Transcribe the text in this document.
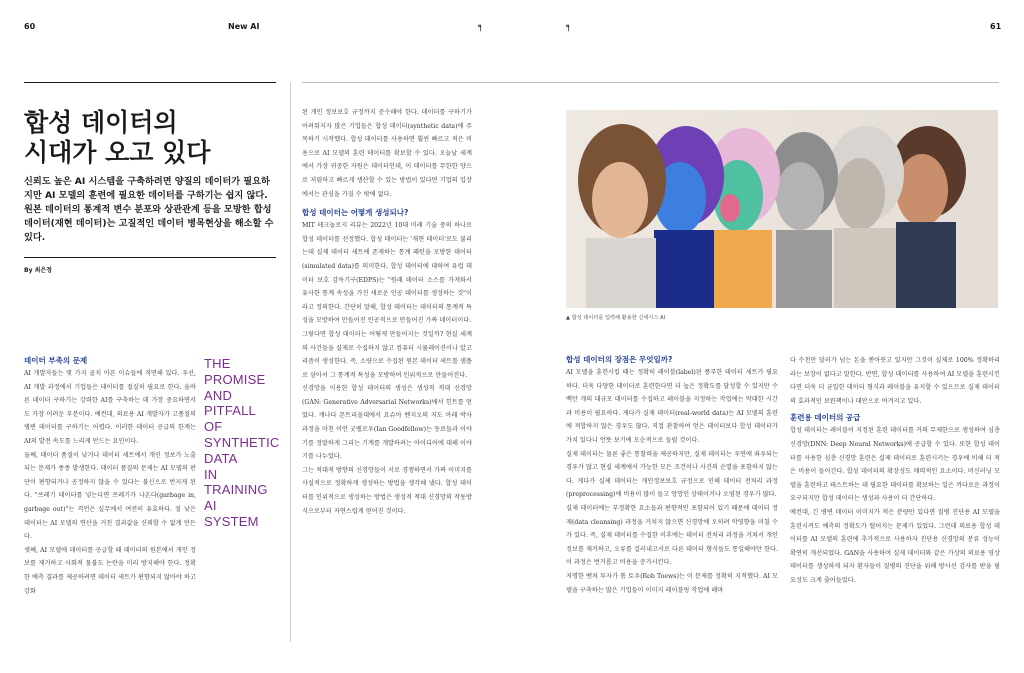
60	New AI	╕	╕	61
합성 데이터의
시대가 오고 있다
신뢰도 높은 AI 시스템을 구축하려면 양질의 데이터가 필요하지만 AI 모델의 훈련에 필요한 데이터를 구하기는 쉽지 않다. 원본 데이터의 통계적 변수 분포와 상관관계 등을 모방한 합성 데이터(재현 데이터)는 고질적인 데이터 병목현상을 해소할 수 있다.
By 최은정
데이터 부족의 문제
AI 개발자들는 몇 가지 골치 아픈 이슈들에 직면해 있다. 우선, AI 개발 과정에서 기업들은 데이터를 절실히 필요로 한다. 올바른 데이터 구하기는 강력한 AI를 구축하는 데 가장 중요하면서도 가장 어려운 부분이다. 예컨대, 의료용 AI 개발자가 고품질의 병변 데이터를 구하기는 어렵다. 이러한 데이터 공급의 한계는 AI의 발전 속도를 느리게 만드는 요인이다.
둘째, 데이터 품질이 낮거나 데이터 세트에서 개인 정보가 노출되는 문제가 종종 발생한다. 데이터 품질의 문제는 AI 모델의 판단이 편향되거나 공정하지 않을 수 있다는 불신으로 번지게 된다. "쓰레기 데이터를 넣는다면 쓰레기가 나온다(garbage in, garbage out)"는 격언은 실무에서 여전히 유효하다. 질 낮은 데이터는 AI 모델의 연산을 거친 결과값을 신뢰할 수 없게 만든다.
셋째, AI 모델에 데이터를 공급할 때 데이터의 원본에서 개인 정보를 제거하고 사회적 물불도 논란을 미리 방지해야 한다. 정확한 예측 결과를 제공하려면 데이터 세트가 편향되지 않아야 하고 강화
THE
PROMISE
AND
PITFALL
OF
SYNTHETIC
DATA
IN
TRAINING
AI
SYSTEM
된 개인 정보보호 규정까지 준수해야 한다. 데이터를 구하기가 어려워지자 많은 기업들은 합성 데이터(synthetic data)에 주목하기 시작했다. 합성 데이터를 사용하면 훨씬 빠르고 적은 비용으로 AI 모델의 훈련 데이터를 확보할 수 있다. 오늘날 세계에서 가장 귀중한 자원은 데이터인데, 이 데이터를 무한한 양으로 저렴하고 빠르게 생산할 수 있는 방법이 있다면 기업의 입장에서는 관심을 가질 수 밖에 없다.
합성 데이터는 어떻게 생성되나?
MIT 테크놀로지 리뷰는 2022년 10대 미래 기술 중의 하나로 합성 데이터를 선정했다. 합성 데이터는 '재현 데이터'로도 불리는데 실제 데이터 세트에 존재하는 통계 패턴을 모방한 데이터(simulated data)를 의미한다. 합성 데이터에 대하여 유럽 데이터 보호 감독기구(EDPS)는 "원래 데이터 소스를 가져와서 유사한 통계 속성을 가진 새로운 인공 데이터를 생성하는 것"이라고 정의한다. 간단히 말해, 합성 데이터는 데이터의 통계적 특성을 모방하여 만들어진 인공적으로 만들어진 가짜 데이터이다.
그렇다면 합성 데이터는 어떻게 만들어지는 것일까? 현실 세계의 사건들을 실제로 수집하지 않고 컴퓨터 시뮬레이션이나 알고리즘이 생성한다. 즉, 소량으로 수집된 원본 데이터 세트를 샘플로 삼아서 그 통계적 특성을 모방하여 인위적으로 만들어진다.
신경망을 이용한 합성 데이터의 생성은 생성적 적대 신경망(GAN: Generative Adversarial Networks)에서 힌트를 얻었다. 캐나다 몬트리올대에서 요슈아 벤지오의 지도 아래 박사과정을 마친 이언 굿펠로우(Ian Goodfellow)는 동료들과 이야기를 정말하게 그리는 기계를 개발하려는 아이디어에 대해 이야기를 나누었다.
그는 적대적 방향의 신경망들이 서로 경쟁하면서 가짜 이미지를 사실적으로 정확하게 생성하는 방법을 생각해 냈다. 합성 데이터를 인위적으로 생성하는 방법은 생성적 적대 신경망의 작동방식으로부터 자연스럽게 얻어진 것이다.
▲ 합성 데이터를 입력해 활용한 신세시스 AI
합성 데이터의 장점은 무엇일까?
AI 모델을 훈련시킬 때는 정확히 레이블(label)된 풍부한 데이터 세트가 필요하다. 더욱 다양한 데이터로 훈련한다면 더 높은 정확도를 달성할 수 있지만 수백만 개의 대규모 데이터를 수집하고 레이블을 지정하는 작업에는 막대한 시간과 비용이 필요하다. 게다가 실제 데이터(real-world data)는 AI 모델의 훈련에 적합하지 않은 경우도 많다. 직접 관찰하여 얻은 데이터보다 합성 데이터가 가치 있다니 언뜻 보기에 모순적으로 들릴 것이다.
실제 데이터는 물론 좋은 통찰력을 제공하지만, 실제 데이터는 우연에 좌우되는 경우가 많고 현실 세계에서 가능한 모든 조건이나 사건의 순열을 포함하지 않는다. 게다가 실제 데이터는 개인정보보호 규정으로 인해 데이터 전처리 과정(preprocessing)에 비용이 많이 들고 엉망인 상태이거나 오염된 경우가 많다.
실제 데이터에는 부정확한 요소들과 편향적인 포함되어 있기 때문에 데이터 정제(data cleansing) 과정을 거치지 않으면 신경망에 오히려 악영향을 미칠 수가 있다. 즉, 실제 데이터를 수집한 이후에는 데이터 전처리 과정을 거쳐서 개인 정보를 제거하고, 오류를 걸러내고서로 다른 데이터 형식들도 통일해야만 한다. 이 과정은 번거롭고 비용을 증가시킨다.
저명한 벤처 투자가 톰 토우(Rob Toews)는 이 문제를 정확히 지적했다. AI 모델을 구축하는 많은 기업들이 이미지 레이블링 작업에 해마
다 수천만 달러가 넘는 돈을 쏟아붓고 있지만 그것이 실제로 100% 정확하리라는 보장이 없다고 말한다. 반면, 합성 데이터를 사용하여 AI 모델을 훈련시킨다면 더욱 더 균일한 데이터 형식과 레이블을 유지할 수 있으므로 실제 데이터의 효과적인 보완책이나 대안으로 여겨지고 있다.
훈련용 데이터의 공급
합성 데이터는 레이블이 지정된 훈련 데이터를 거의 무제한으로 생성하여 심층 신경망(DNN: Deep Neural Networks)에 공급할 수 있다. 또한 합성 데이터를 사용한 심층 신경망 훈련은 실제 데이터로 훈련시키는 경우에 비해 더 적은 비용이 들어간다. 합성 데이터의 확장성도 매력적인 요소이다. 머신러닝 모델을 훈련하고 테스트하는 데 필요한 데이터를 확보하는 일은 까다로운 과정이 요구되지만 합성 데이터는 생성과 사용이 더 간단하다.
예컨대, 긴 병변 데이터 이미지가 적은 분량만 있다면 질병 진단용 AI 모델을 훈련시켜도 예측의 정확도가 떨어지는 문제가 있었다. 그런데 의료용 합성 데이터를 AI 모델의 훈련에 추가적으로 사용하자 진단용 신경망의 분류 성능이 확연히 개선되었다. GAN을 사용하여 실제 데이터와 같은 가상의 의료용 영상 데이터를 생성하게 되자 환자들이 질병의 진단을 위해 방사선 검사를 받을 필요성도 크게 줄어들었다.
